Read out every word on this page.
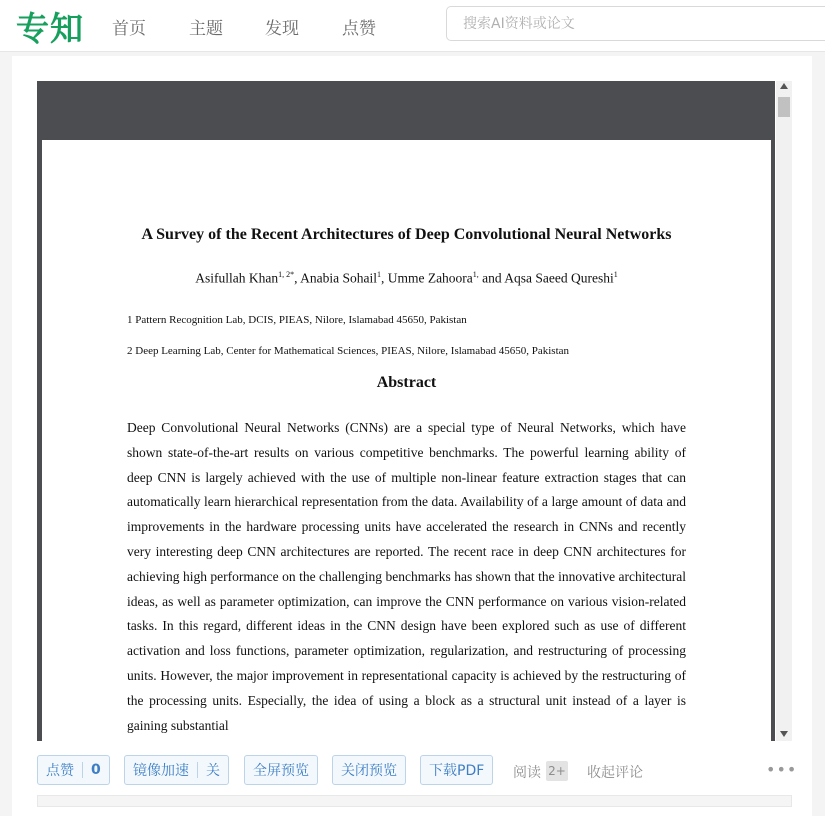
专知 首页	主题 发现	点赞
搜索AI资料或论文
A Survey of the Recent Architectures of Deep Convolutional Neural Networks
Asifullah Khan$^{1, 2*}$, Anabia Sohail$^1$, Umme Zahoora$^{1,}$ and Aqsa Saeed Qureshi$^1$
1 Pattern Recognition Lab, DCIS, PIEAS, Nilore, Islamabad 45650, Pakistan
2 Deep Learning Lab, Center for Mathematical Sciences, PIEAS, Nilore, Islamabad 45650, Pakistan
Abstract
Deep Convolutional Neural Networks (CNNs) are a special type of Neural Networks, which have shown state-of-the-art results on various competitive benchmarks. The powerful learning ability of deep CNN is largely achieved with the use of multiple non-linear feature extraction stages that can automatically learn hierarchical representation from the data. Availability of a large amount of data and improvements in the hardware processing units have accelerated the research in CNNs and recently very interesting deep CNN architectures are reported. The recent race in deep CNN architectures for achieving high performance on the challenging benchmarks has shown that the innovative architectural ideas, as well as parameter optimization, can improve the CNN performance on various vision-related tasks. In this regard, different ideas in the CNN design have been explored such as use of different activation and loss functions, parameter optimization, regularization, and restructuring of processing units. However, the major improvement in representational capacity is achieved by the restructuring of the processing units. Especially, the idea of using a block as a structural unit instead of a layer is gaining substantial
点赞 0 镜像加速 关 全屏预览 关闭预览 下载PDF 阅读 2+ 收起评论	•••
